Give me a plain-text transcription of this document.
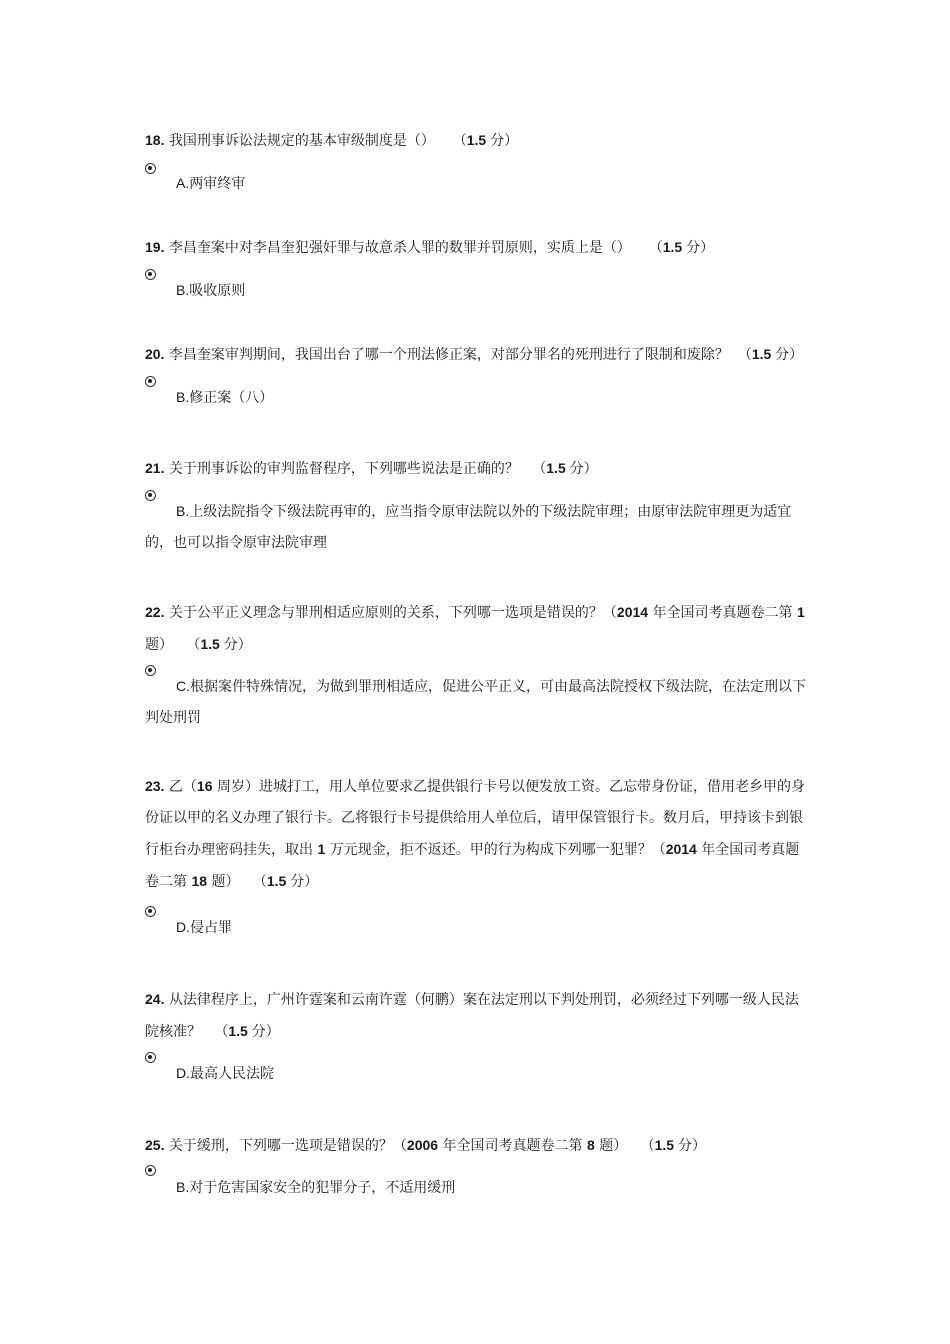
18. 我国刑事诉讼法规定的基本审级制度是（） （1.5 分）

A.两审终审

19. 李昌奎案中对李昌奎犯强奸罪与故意杀人罪的数罪并罚原则，实质上是（） （1.5 分）

B.吸收原则

20. 李昌奎案审判期间，我国出台了哪一个刑法修正案，对部分罪名的死刑进行了限制和废除？ （1.5 分）

B.修正案（八）

21. 关于刑事诉讼的审判监督程序，下列哪些说法是正确的？ （1.5 分）

B.上级法院指令下级法院再审的，应当指令原审法院以外的下级法院审理；由原审法院审理更为适宜的，也可以指令原审法院审理

22. 关于公平正义理念与罪刑相适应原则的关系，下列哪一选项是错误的？（2014 年全国司考真题卷二第 1 题） （1.5 分）

C.根据案件特殊情况，为做到罪刑相适应，促进公平正义，可由最高法院授权下级法院，在法定刑以下判处刑罚

23. 乙（16 周岁）进城打工，用人单位要求乙提供银行卡号以便发放工资。乙忘带身份证，借用老乡甲的身份证以甲的名义办理了银行卡。乙将银行卡号提供给用人单位后，请甲保管银行卡。数月后，甲持该卡到银行柜台办理密码挂失，取出 1 万元现金，拒不返还。甲的行为构成下列哪一犯罪？（2014 年全国司考真题卷二第 18 题） （1.5 分）

D.侵占罪

24. 从法律程序上，广州许霆案和云南许霆（何鹏）案在法定刑以下判处刑罚，必须经过下列哪一级人民法院核准？ （1.5 分）

D.最高人民法院

25. 关于缓刑，下列哪一选项是错误的？（2006 年全国司考真题卷二第 8 题） （1.5 分）

B.对于危害国家安全的犯罪分子，不适用缓刑
